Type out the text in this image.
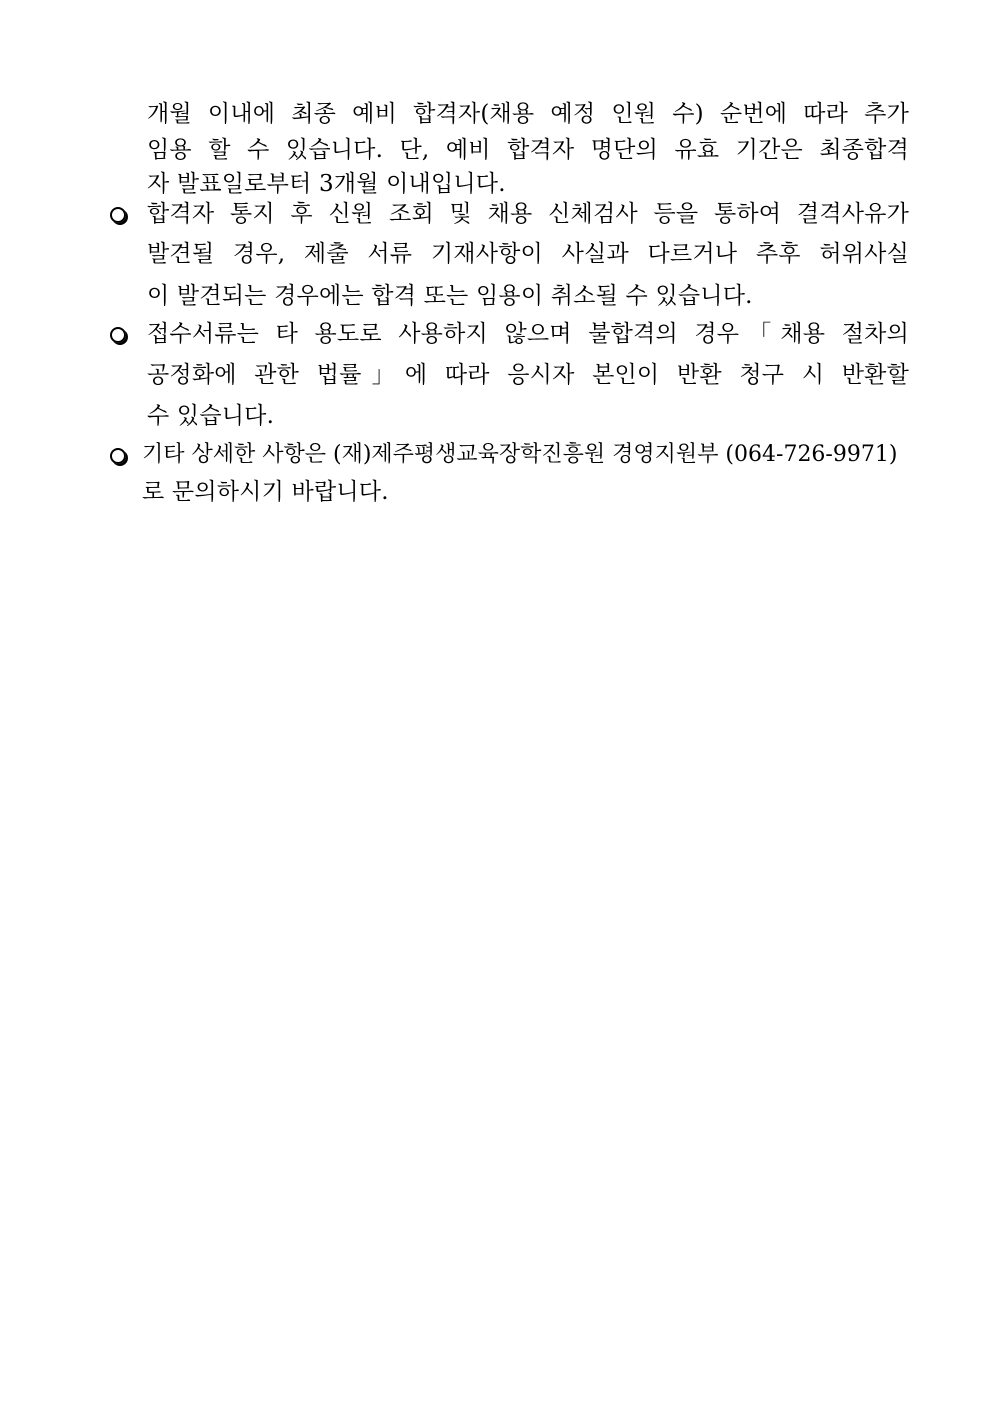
개월 이내에 최종 예비 합격자(채용 예정 인원 수) 순번에 따라 추가
임용 할 수 있습니다. 단, 예비 합격자 명단의 유효 기간은 최종합격
자 발표일로부터 3개월 이내입니다.
합격자 통지 후 신원 조회 및 채용 신체검사 등을 통하여 결격사유가
발견될 경우, 제출 서류 기재사항이 사실과 다르거나 추후 허위사실
이 발견되는 경우에는 합격 또는 임용이 취소될 수 있습니다.
접수서류는 타 용도로 사용하지 않으며 불합격의 경우「채용 절차의
공정화에 관한 법률」에 따라 응시자 본인이 반환 청구 시 반환할
수 있습니다.
기타 상세한 사항은 (재)제주평생교육장학진흥원 경영지원부 (064-726-9971)
로 문의하시기 바랍니다.
